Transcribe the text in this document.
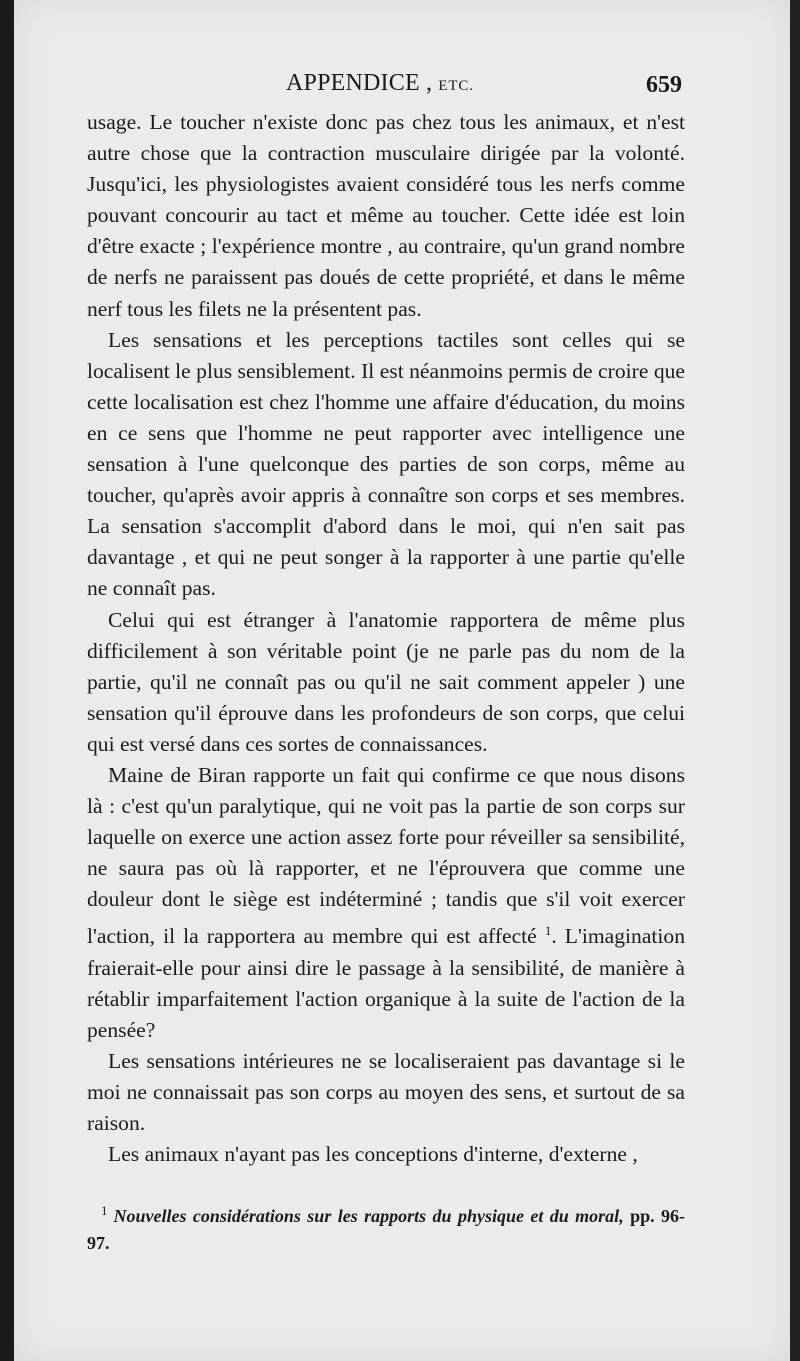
APPENDICE , ETC.	659

usage. Le toucher n'existe donc pas chez tous les animaux, et n'est autre chose que la contraction musculaire dirigée par la volonté. Jusqu'ici, les physiologistes avaient considéré tous les nerfs comme pouvant concourir au tact et même au toucher. Cette idée est loin d'être exacte ; l'expérience montre , au contraire, qu'un grand nombre de nerfs ne paraissent pas doués de cette propriété, et dans le même nerf tous les filets ne la présentent pas.

Les sensations et les perceptions tactiles sont celles qui se localisent le plus sensiblement. Il est néanmoins permis de croire que cette localisation est chez l'homme une affaire d'éducation, du moins en ce sens que l'homme ne peut rapporter avec intelligence une sensation à l'une quelconque des parties de son corps, même au toucher, qu'après avoir appris à connaître son corps et ses membres. La sensation s'accomplit d'abord dans le moi, qui n'en sait pas davantage , et qui ne peut songer à la rapporter à une partie qu'elle ne connaît pas.

Celui qui est étranger à l'anatomie rapportera de même plus difficilement à son véritable point (je ne parle pas du nom de la partie, qu'il ne connaît pas ou qu'il ne sait comment appeler ) une sensation qu'il éprouve dans les profondeurs de son corps, que celui qui est versé dans ces sortes de connaissances.

Maine de Biran rapporte un fait qui confirme ce que nous disons là : c'est qu'un paralytique, qui ne voit pas la partie de son corps sur laquelle on exerce une action assez forte pour réveiller sa sensibilité, ne saura pas où là rapporter, et ne l'éprouvera que comme une douleur dont le siège est indéterminé ; tandis que s'il voit exercer l'action, il la rapportera au membre qui est affecté $^1$. L'imagination fraierait-elle pour ainsi dire le passage à la sensibilité, de manière à rétablir imparfaitement l'action organique à la suite de l'action de la pensée?

Les sensations intérieures ne se localiseraient pas davantage si le moi ne connaissait pas son corps au moyen des sens, et surtout de sa raison.

Les animaux n'ayant pas les conceptions d'interne, d'externe ,

$^1$ Nouvelles considérations sur les rapports du physique et du moral, pp. 96-97.
